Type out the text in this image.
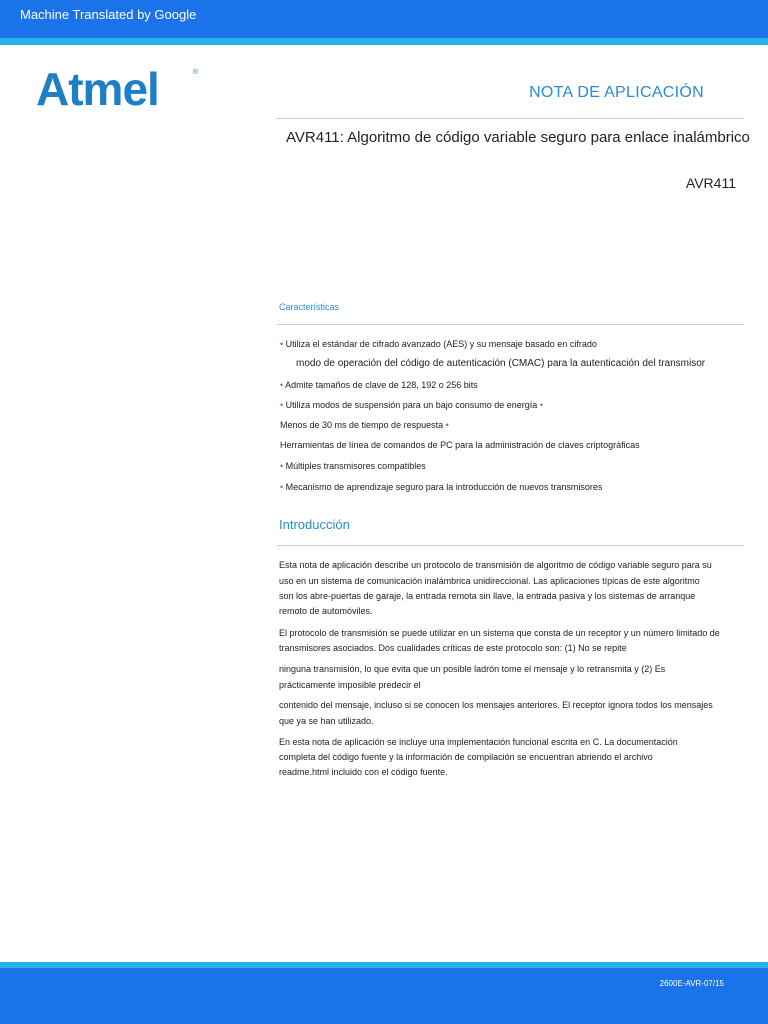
Machine Translated by Google
Atmel	®
NOTA DE APLICACIÓN
AVR411: Algoritmo de código variable seguro para enlace inalámbrico
AVR411
Características
• Utiliza el estándar de cifrado avanzado (AES) y su mensaje basado en cifrado
modo de operación del código de autenticación (CMAC) para la autenticación del transmisor
• Admite tamaños de clave de 128, 192 o 256 bits
• Utiliza modos de suspensión para un bajo consumo de energía •
Menos de 30 ms de tiempo de respuesta •
Herramientas de línea de comandos de PC para la administración de claves criptográficas
• Múltiples transmisores compatibles
• Mecanismo de aprendizaje seguro para la introducción de nuevos transmisores
Introducción
Esta nota de aplicación describe un protocolo de transmisión de algoritmo de código variable seguro para su
uso en un sistema de comunicación inalámbrica unidireccional. Las aplicaciones típicas de este algoritmo
son los abre-puertas de garaje, la entrada remota sin llave, la entrada pasiva y los sistemas de arranque
remoto de automóviles.
El protocolo de transmisión se puede utilizar en un sistema que consta de un receptor y un número limitado de
transmisores asociados. Dos cualidades críticas de este protocolo son: (1) No se repite
ninguna transmisión, lo que evita que un posible ladrón tome el mensaje y lo retransmita y (2) Es
prácticamente imposible predecir el
contenido del mensaje, incluso si se conocen los mensajes anteriores. El receptor ignora todos los mensajes
que ya se han utilizado.
En esta nota de aplicación se incluye una implementación funcional escrita en C. La documentación
completa del código fuente y la información de compilación se encuentran abriendo el archivo
readme.html incluido con el código fuente.
2600E-AVR-07/15
